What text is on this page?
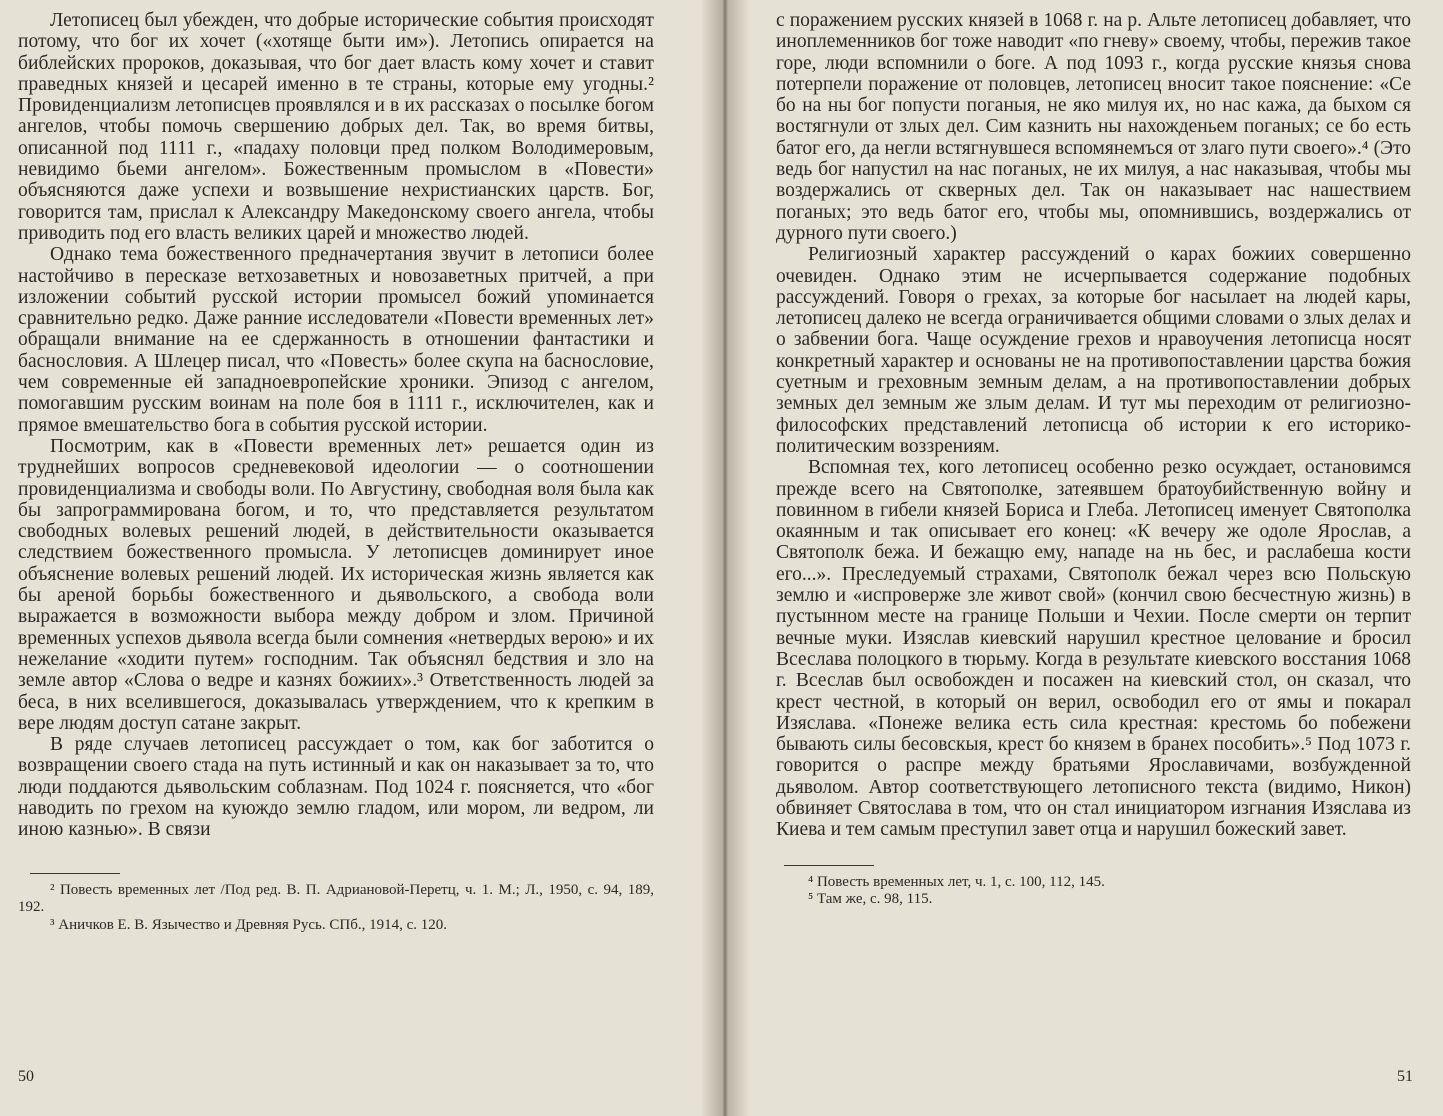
Летописец был убежден, что добрые исторические события происходят потому, что бог их хочет («хотяще быти им»). Летопись опирается на библейских пророков, доказывая, что бог дает власть кому хочет и ставит праведных князей и цесарей именно в те страны, которые ему угодны.² Провиденциализм летописцев проявлялся и в их рассказах о посылке богом ангелов, чтобы помочь свершению добрых дел. Так, во время битвы, описанной под 1111 г., «падаху половци пред полком Володимеровым, невидимо бьеми ангелом». Божественным промыслом в «Повести» объясняются даже успехи и возвышение нехристианских царств. Бог, говорится там, прислал к Александру Македонскому своего ангела, чтобы приводить под его власть великих царей и множество людей.

Однако тема божественного предначертания звучит в летописи более настойчиво в пересказе ветхозаветных и новозаветных притчей, а при изложении событий русской истории промысел божий упоминается сравнительно редко. Даже ранние исследователи «Повести временных лет» обращали внимание на ее сдержанность в отношении фантастики и баснословия. А Шлецер писал, что «Повесть» более скупа на баснословие, чем современные ей западноевропейские хроники. Эпизод с ангелом, помогавшим русским воинам на поле боя в 1111 г., исключителен, как и прямое вмешательство бога в события русской истории.

Посмотрим, как в «Повести временных лет» решается один из труднейших вопросов средневековой идеологии — о соотношении провиденциализма и свободы воли. По Августину, свободная воля была как бы запрограммирована богом, и то, что представляется результатом свободных волевых решений людей, в действительности оказывается следствием божественного промысла. У летописцев доминирует иное объяснение волевых решений людей. Их историческая жизнь является как бы ареной борьбы божественного и дьявольского, а свобода воли выражается в возможности выбора между добром и злом. Причиной временных успехов дьявола всегда были сомнения «нетвердых верою» и их нежелание «ходити путем» господним. Так объяснял бедствия и зло на земле автор «Слова о ведре и казнях божиих».³ Ответственность людей за беса, в них вселившегося, доказывалась утверждением, что к крепким в вере людям доступ сатане закрыт.

В ряде случаев летописец рассуждает о том, как бог заботится о возвращении своего стада на путь истинный и как он наказывает за то, что люди поддаются дьявольским соблазнам. Под 1024 г. поясняется, что «бог наводить по грехом на куюждо землю гладом, или мором, ли ведром, ли иною казнью». В связи

² Повесть временных лет /Под ред. В. П. Адриановой-Перетц, ч. 1. М.; Л., 1950, с. 94, 189, 192.

³ Аничков Е. В. Язычество и Древняя Русь. СПб., 1914, с. 120.

50

с поражением русских князей в 1068 г. на р. Альте летописец добавляет, что иноплеменников бог тоже наводит «по гневу» своему, чтобы, пережив такое горе, люди вспомнили о боге. А под 1093 г., когда русские князья снова потерпели поражение от половцев, летописец вносит такое пояснение: «Се бо на ны бог попусти поганыя, не яко милуя их, но нас кажа, да быхом ся востягнули от злых дел. Сим казнить ны нахожденьем поганых; се бо есть батог его, да негли встягнувшеся вспомянемъся от злаго пути своего».⁴ (Это ведь бог напустил на нас поганых, не их милуя, а нас наказывая, чтобы мы воздержались от скверных дел. Так он наказывает нас нашествием поганых; это ведь батог его, чтобы мы, опомнившись, воздержались от дурного пути своего.)

Религиозный характер рассуждений о карах божиих совершенно очевиден. Однако этим не исчерпывается содержание подобных рассуждений. Говоря о грехах, за которые бог насылает на людей кары, летописец далеко не всегда ограничивается общими словами о злых делах и о забвении бога. Чаще осуждение грехов и нравоучения летописца носят конкретный характер и основаны не на противопоставлении царства божия суетным и греховным земным делам, а на противопоставлении добрых земных дел земным же злым делам. И тут мы переходим от религиозно-философских представлений летописца об истории к его историко-политическим воззрениям.

Вспомная тех, кого летописец особенно резко осуждает, остановимся прежде всего на Святополке, затеявшем братоубийственную войну и повинном в гибели князей Бориса и Глеба. Летописец именует Святополка окаянным и так описывает его конец: «К вечеру же одоле Ярослав, а Святополк бежа. И бежащю ему, нападе на нь бес, и раслабеша кости его...». Преследуемый страхами, Святополк бежал через всю Польскую землю и «испроверже зле живот свой» (кончил свою бесчестную жизнь) в пустынном месте на границе Польши и Чехии. После смерти он терпит вечные муки. Изяслав киевский нарушил крестное целование и бросил Всеслава полоцкого в тюрьму. Когда в результате киевского восстания 1068 г. Всеслав был освобожден и посажен на киевский стол, он сказал, что крест честной, в который он верил, освободил его от ямы и покарал Изяслава. «Понеже велика есть сила крестная: крестомь бо побежени бывають силы бесовскыя, крест бо князем в бранех пособить».⁵ Под 1073 г. говорится о распре между братьями Ярославичами, возбужденной дьяволом. Автор соответствующего летописного текста (видимо, Никон) обвиняет Святослава в том, что он стал инициатором изгнания Изяслава из Киева и тем самым преступил завет отца и нарушил божеский завет.

⁴ Повесть временных лет, ч. 1, с. 100, 112, 145.

⁵ Там же, с. 98, 115.

51
